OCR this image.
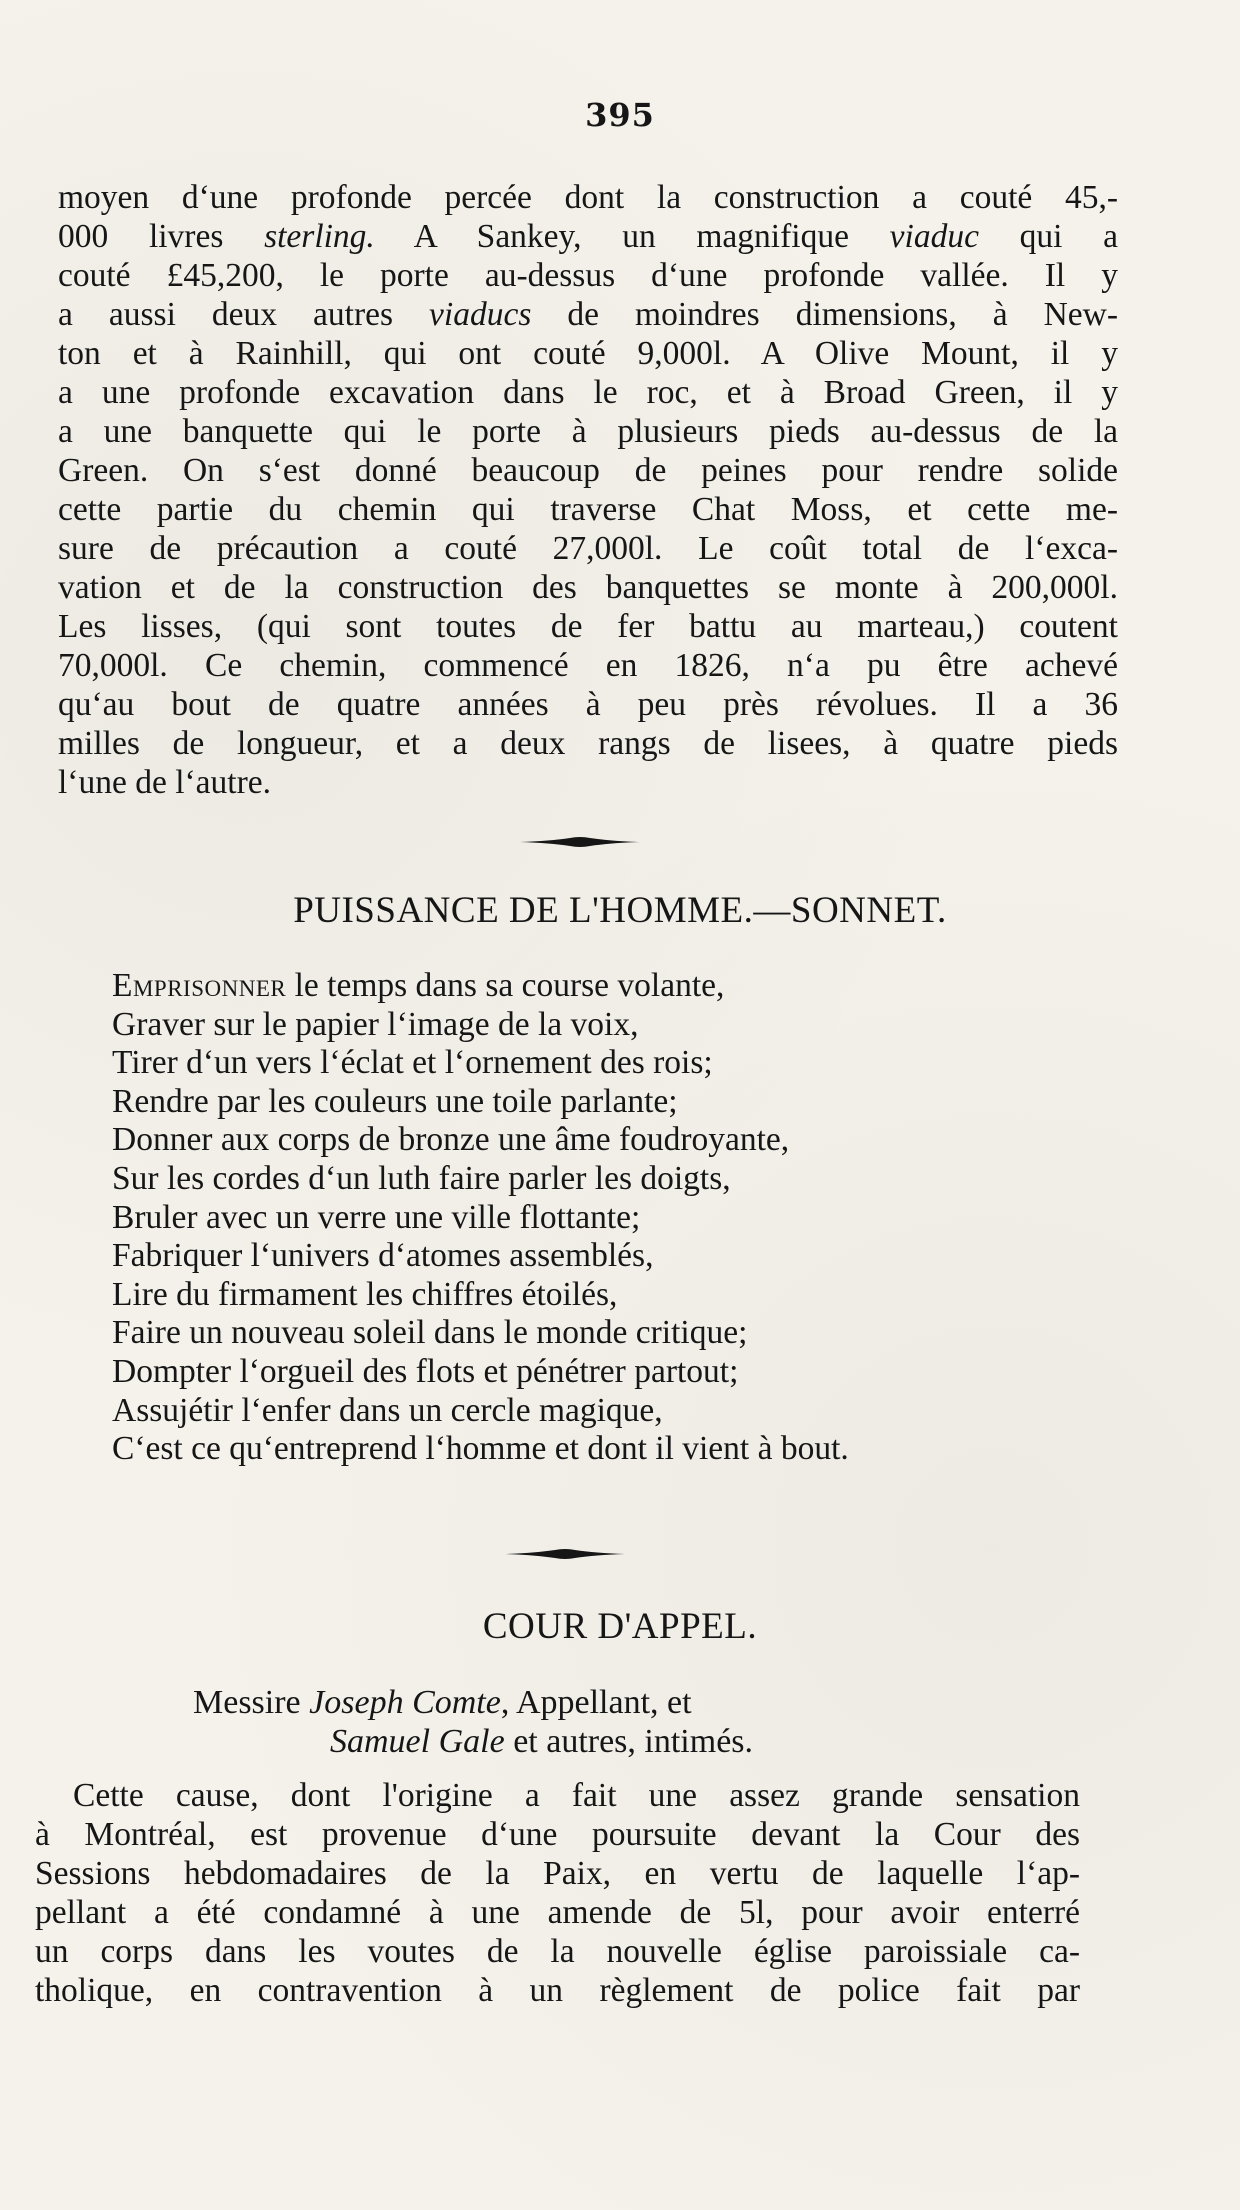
395
moyen d‘une profonde percée dont la construction a couté 45,-
000 livres sterling. A Sankey, un magnifique viaduc qui a
couté £45,200, le porte au-dessus d‘une profonde vallée. Il y
a aussi deux autres viaducs de moindres dimensions, à New-
ton et à Rainhill, qui ont couté 9,000l. A Olive Mount, il y
a une profonde excavation dans le roc, et à Broad Green, il y
a une banquette qui le porte à plusieurs pieds au-dessus de la
Green. On s‘est donné beaucoup de peines pour rendre solide
cette partie du chemin qui traverse Chat Moss, et cette me-
sure de précaution a couté 27,000l. Le coût total de l‘exca-
vation et de la construction des banquettes se monte à 200,000l.
Les lisses, (qui sont toutes de fer battu au marteau,) coutent
70,000l. Ce chemin, commencé en 1826, n‘a pu être achevé
qu‘au bout de quatre années à peu près révolues. Il a 36
milles de longueur, et a deux rangs de lisees, à quatre pieds
l‘une de l‘autre.
PUISSANCE DE L'HOMME.—SONNET.
Emprisonner le temps dans sa course volante,
Graver sur le papier l‘image de la voix,
Tirer d‘un vers l‘éclat et l‘ornement des rois;
Rendre par les couleurs une toile parlante;
Donner aux corps de bronze une âme foudroyante,
Sur les cordes d‘un luth faire parler les doigts,
Bruler avec un verre une ville flottante;
Fabriquer l‘univers d‘atomes assemblés,
Lire du firmament les chiffres étoilés,
Faire un nouveau soleil dans le monde critique;
Dompter l‘orgueil des flots et pénétrer partout;
Assujétir l‘enfer dans un cercle magique,
C‘est ce qu‘entreprend l‘homme et dont il vient à bout.
COUR D'APPEL.
Messire Joseph Comte, Appellant, et
Samuel Gale et autres, intimés.
Cette cause, dont l'origine a fait une assez grande sensation
à Montréal, est provenue d‘une poursuite devant la Cour des
Sessions hebdomadaires de la Paix, en vertu de laquelle l‘ap-
pellant a été condamné à une amende de 5l, pour avoir enterré
un corps dans les voutes de la nouvelle église paroissiale ca-
tholique, en contravention à un règlement de police fait par
